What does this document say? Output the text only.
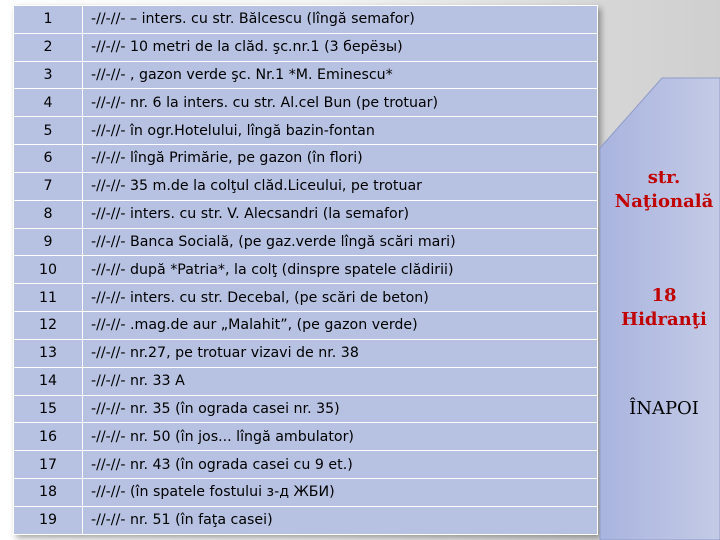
1	-//-//- – inters. cu str. Bălcescu (lîngă semafor)
2	-//-//- 10 metri de la clăd. şc.nr.1 (3 берёзы)
3	-//-//- , gazon verde şc. Nr.1 *M. Eminescu*
4	-//-//- nr. 6 la inters. cu str. Al.cel Bun (pe trotuar)
5	-//-//- în ogr.Hotelului, lîngă bazin-fontan
6	-//-//- lîngă Primărie, pe gazon (în flori)
7	-//-//- 35 m.de la colţul clăd.Liceului, pe trotuar
8	-//-//- inters. cu str. V. Alecsandri (la semafor)
9	-//-//- Banca Socială, (pe gaz.verde lîngă scări mari)
10	-//-//- după *Patria*, la colţ (dinspre spatele clădirii)
11	-//-//- inters. cu str. Decebal, (pe scări de beton)
12	-//-//- .mag.de aur „Malahit”, (pe gazon verde)
13	-//-//- nr.27, pe trotuar vizavi de nr. 38
14	-//-//- nr. 33 A
15	-//-//- nr. 35 (în ograda casei nr. 35)
16	-//-//- nr. 50 (în jos... lîngă ambulator)
17	-//-//- nr. 43 (în ograda casei cu 9 et.)
18	-//-//- (în spatele fostului з-д ЖБИ)
19	-//-//- nr. 51 (în faţa casei)
str.
Naţională
18
Hidranţi
ÎNAPOI
